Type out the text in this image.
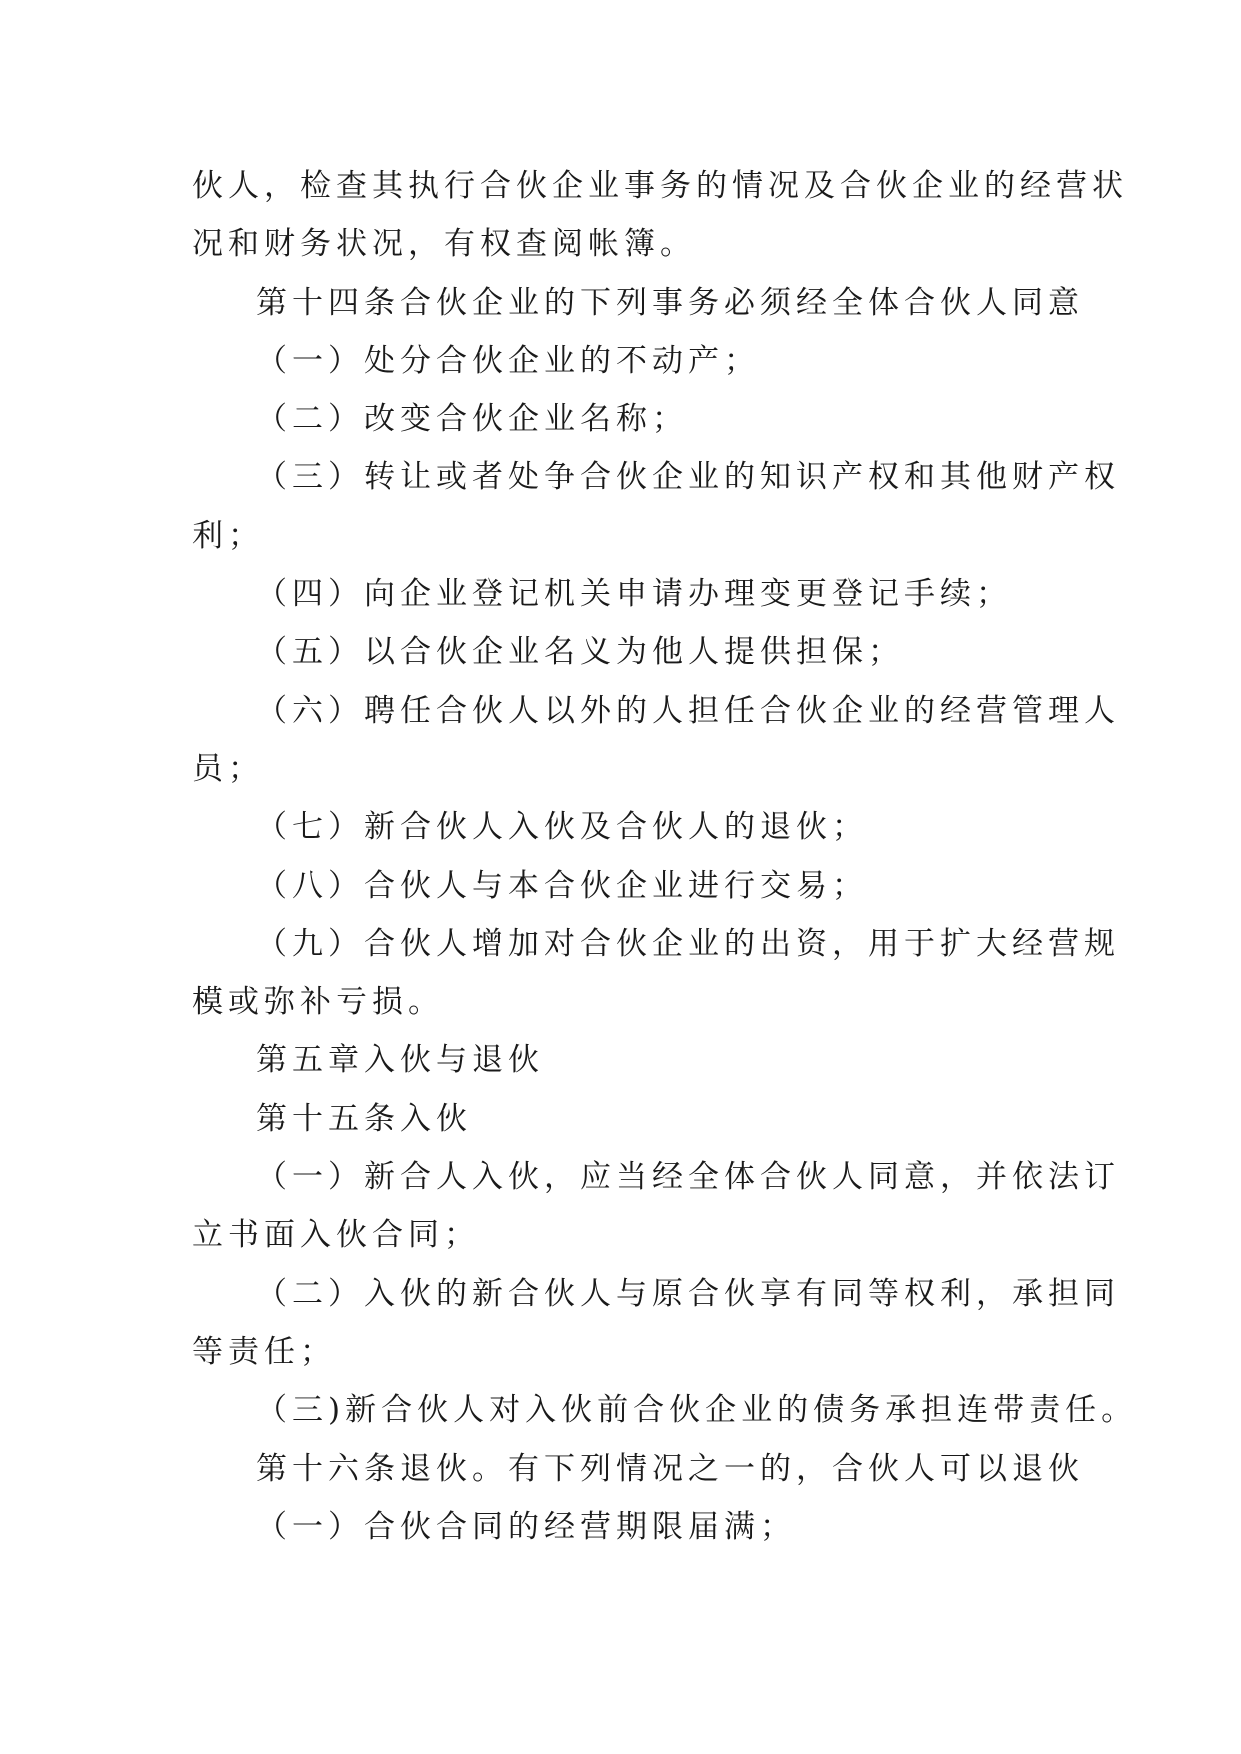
伙人，检查其执行合伙企业事务的情况及合伙企业的经营状
况和财务状况，有权查阅帐簿。
第十四条合伙企业的下列事务必须经全体合伙人同意
（一）处分合伙企业的不动产；
（二）改变合伙企业名称；
（三）转让或者处争合伙企业的知识产权和其他财产权
利；
（四）向企业登记机关申请办理变更登记手续；
（五）以合伙企业名义为他人提供担保；
（六）聘任合伙人以外的人担任合伙企业的经营管理人
员；
（七）新合伙人入伙及合伙人的退伙；
（八）合伙人与本合伙企业进行交易；
（九）合伙人增加对合伙企业的出资，用于扩大经营规
模或弥补亏损。
第五章入伙与退伙
第十五条入伙
（一）新合人入伙，应当经全体合伙人同意，并依法订
立书面入伙合同；
（二）入伙的新合伙人与原合伙享有同等权利，承担同
等责任；
（三)新合伙人对入伙前合伙企业的债务承担连带责任。
第十六条退伙。有下列情况之一的，合伙人可以退伙
（一）合伙合同的经营期限届满；
